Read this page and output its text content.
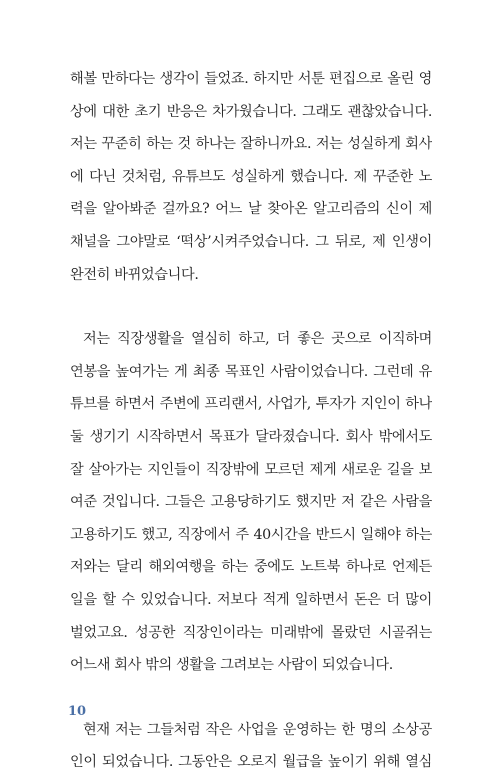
해볼 만하다는 생각이 들었죠. 하지만 서툰 편집으로 올린 영
상에 대한 초기 반응은 차가웠습니다. 그래도 괜찮았습니다.
저는 꾸준히 하는 것 하나는 잘하니까요. 저는 성실하게 회사
에 다닌 것처럼, 유튜브도 성실하게 했습니다. 제 꾸준한 노
력을 알아봐준 걸까요? 어느 날 찾아온 알고리즘의 신이 제
채널을 그야말로 ‘떡상’시켜주었습니다. 그 뒤로, 제 인생이
완전히 바뀌었습니다.

저는 직장생활을 열심히 하고, 더 좋은 곳으로 이직하며
연봉을 높여가는 게 최종 목표인 사람이었습니다. 그런데 유
튜브를 하면서 주변에 프리랜서, 사업가, 투자가 지인이 하나
둘 생기기 시작하면서 목표가 달라졌습니다. 회사 밖에서도
잘 살아가는 지인들이 직장밖에 모르던 제게 새로운 길을 보
여준 것입니다. 그들은 고용당하기도 했지만 저 같은 사람을
고용하기도 했고, 직장에서 주 40시간을 반드시 일해야 하는
저와는 달리 해외여행을 하는 중에도 노트북 하나로 언제든
일을 할 수 있었습니다. 저보다 적게 일하면서 돈은 더 많이
벌었고요. 성공한 직장인이라는 미래밖에 몰랐던 시골쥐는
어느새 회사 밖의 생활을 그려보는 사람이 되었습니다.

현재 저는 그들처럼 작은 사업을 운영하는 한 명의 소상공
인이 되었습니다. 그동안은 오로지 월급을 높이기 위해 열심

10
